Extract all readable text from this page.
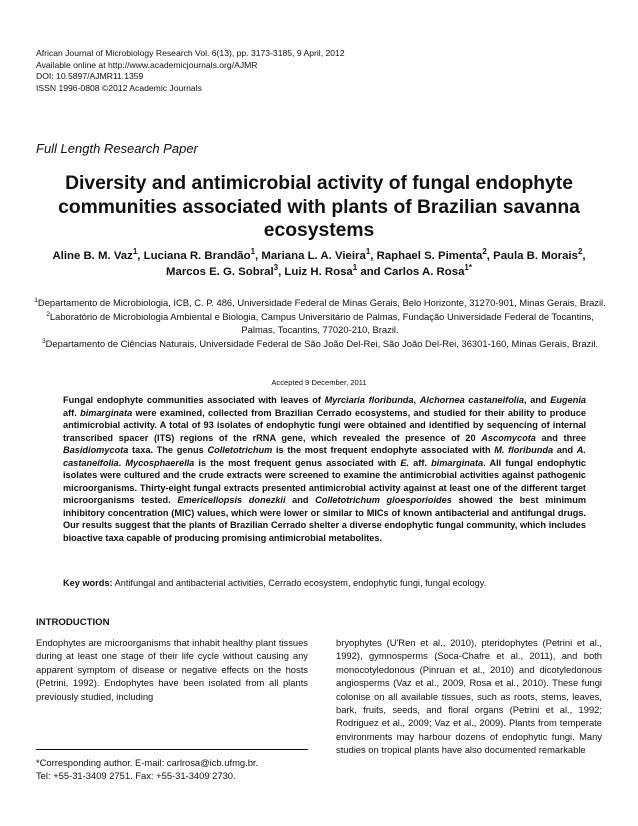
African Journal of Microbiology Research Vol. 6(13), pp. 3173-3185, 9 April, 2012
Available online at http://www.academicjournals.org/AJMR
DOI: 10.5897/AJMR11.1359
ISSN 1996-0808 ©2012 Academic Journals
Full Length Research Paper
Diversity and antimicrobial activity of fungal endophyte communities associated with plants of Brazilian savanna ecosystems
Aline B. M. Vaz$^1$, Luciana R. Brandão$^1$, Mariana L. A. Vieira$^1$, Raphael S. Pimenta$^2$, Paula B. Morais$^2$, Marcos E. G. Sobral$^3$, Luiz H. Rosa$^1$ and Carlos A. Rosa$^{1*}$

$^1$Departamento de Microbiologia, ICB, C. P. 486, Universidade Federal de Minas Gerais, Belo Horizonte, 31270-901, Minas Gerais, Brazil.

$^2$Laboratório de Microbiologia Ambiental e Biologia, Campus Universitário de Palmas, Fundação Universidade Federal de Tocantins, Palmas, Tocantins, 77020-210, Brazil.

$^3$Departamento de Ciências Naturais, Universidade Federal de São João Del-Rei, São João Del-Rei, 36301-160, Minas Gerais, Brazil.

Accepted 9 December, 2011

Fungal endophyte communities associated with leaves of Myrciaria floribunda, Alchornea castaneifolia, and Eugenia aff. bimarginata were examined, collected from Brazilian Cerrado ecosystems, and studied for their ability to produce antimicrobial activity. A total of 93 isolates of endophytic fungi were obtained and identified by sequencing of internal transcribed spacer (ITS) regions of the rRNA gene, which revealed the presence of 20 Ascomycota and three Basidiomycota taxa. The genus Colletotrichum is the most frequent endophyte associated with M. floribunda and A. castaneifolia. Mycosphaerella is the most frequent genus associated with E. aff. bimarginata. All fungal endophytic isolates were cultured and the crude extracts were screened to examine the antimicrobial activities against pathogenic microorganisms. Thirty-eight fungal extracts presented antimicrobial activity against at least one of the different target microorganisms tested. Emericellopsis donezkii and Colletotrichum gloesporioides showed the best minimum inhibitory concentration (MIC) values, which were lower or similar to MICs of known antibacterial and antifungal drugs. Our results suggest that the plants of Brazilian Cerrado shelter a diverse endophytic fungal community, which includes bioactive taxa capable of producing promising antimicrobial metabolites.

Key words: Antifungal and antibacterial activities, Cerrado ecosystem, endophytic fungi, fungal ecology.

INTRODUCTION

Endophytes are microorganisms that inhabit healthy plant tissues during at least one stage of their life cycle without causing any apparent symptom of disease or negative effects on the hosts (Petrini, 1992). Endophytes have been isolated from all plants previously studied, including

bryophytes (U'Ren et al., 2010), pteridophytes (Petrini et al., 1992), gymnosperms (Soca-Chafre et al., 2011), and both monocotyledonous (Pinruan et al., 2010) and dicotyledonous angiosperms (Vaz et al., 2009, Rosa et al., 2010). These fungi colonise on all available tissues, such as roots, stems, leaves, bark, fruits, seeds, and floral organs (Petrini et al., 1992; Rodriguez et al., 2009; Vaz et al., 2009). Plants from temperate environments may harbour dozens of endophytic fungi. Many studies on tropical plants have also documented remarkable

*Corresponding author. E-mail: carlrosa@icb.ufmg.br.
Tel: +55-31-3409 2751. Fax: +55-31-3409 2730.
